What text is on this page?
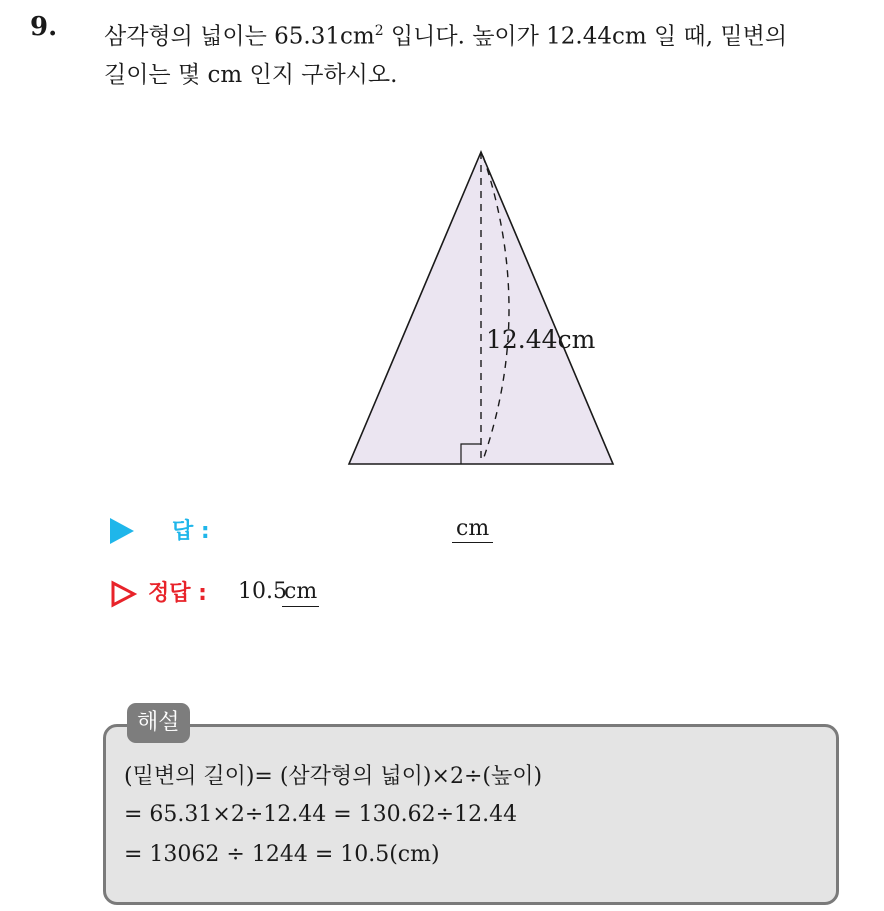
9. 삼각형의 넓이는 $65.31cm^2$ 입니다. 높이가 12.44cm 일 때, 밑변의
길이는 몇 cm 인지 구하시오.
12.44cm
답 :	cm
정답 : 10.5
cm
해설
(밑변의 길이)= (삼각형의 넓이)×2÷(높이)
= 65.31×2÷12.44 = 130.62÷12.44
= 13062 ÷ 1244 = 10.5(cm)
